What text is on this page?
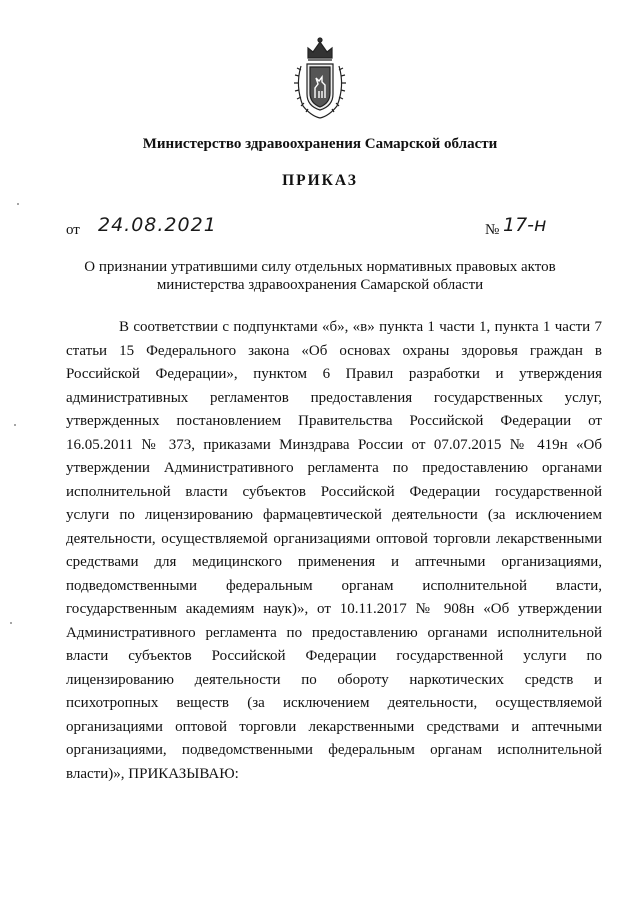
Министерство здравоохранения Самарской области
ПРИКАЗ
от 24.08.2021	№ 17-н
О признании утратившими силу отдельных нормативных правовых актов
министерства здравоохранения Самарской области
В соответствии с подпунктами «б», «в» пункта 1 части 1, пункта 1 части 7
статьи 15 Федерального закона «Об основах охраны здоровья граждан в
Российской Федерации», пунктом 6 Правил разработки и утверждения
административных регламентов предоставления государственных услуг,
утвержденных постановлением Правительства Российской Федерации от
16.05.2011 № 373, приказами Минздрава России от 07.07.2015 № 419н «Об
утверждении Административного регламента по предоставлению органами
исполнительной власти субъектов Российской Федерации государственной
услуги по лицензированию фармацевтической деятельности (за исключением
деятельности, осуществляемой организациями оптовой торговли лекарственными
средствами для медицинского применения и аптечными организациями,
подведомственными федеральным органам исполнительной власти,
государственным академиям наук)», от 10.11.2017 № 908н «Об утверждении
Административного регламента по предоставлению органами исполнительной
власти субъектов Российской Федерации государственной услуги по
лицензированию деятельности по обороту наркотических средств и
психотропных веществ (за исключением деятельности, осуществляемой
организациями оптовой торговли лекарственными средствами и аптечными
организациями, подведомственными федеральным органам исполнительной
власти)», ПРИКАЗЫВАЮ:
